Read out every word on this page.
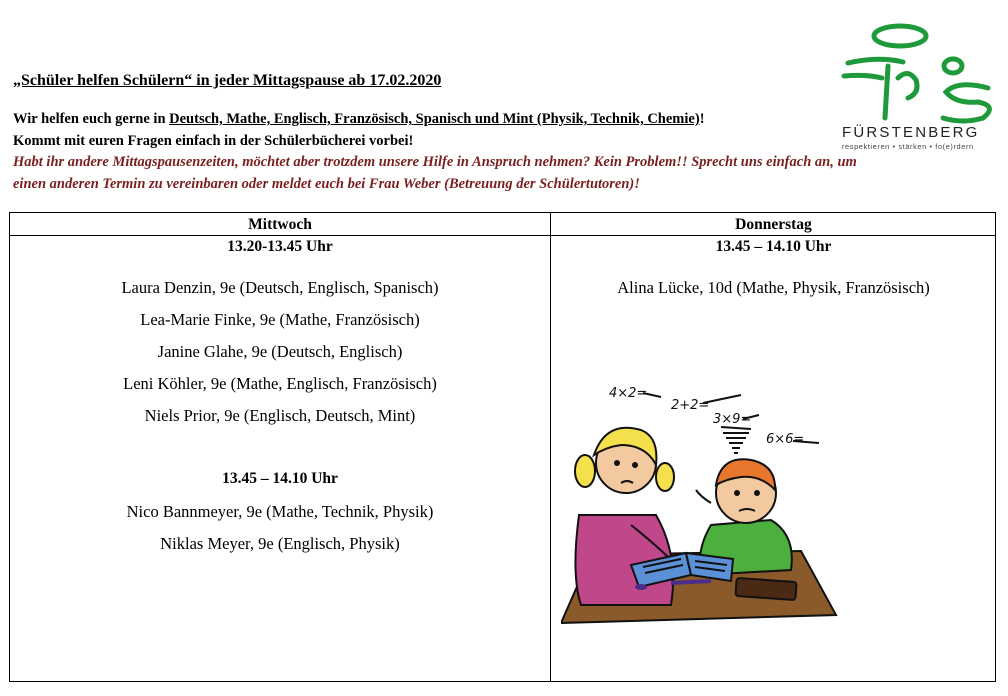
„Schüler helfen Schülern“ in jeder Mittagspause ab 17.02.2020
Wir helfen euch gerne in Deutsch, Mathe, Englisch, Französisch, Spanisch und Mint (Physik, Technik, Chemie)!
Kommt mit euren Fragen einfach in der Schülerbücherei vorbei!
Habt ihr andere Mittagspausenzeiten, möchtet aber trotzdem unsere Hilfe in Anspruch nehmen? Kein Problem!! Sprecht uns einfach an, um
einen anderen Termin zu vereinbaren oder meldet euch bei Frau Weber (Betreuung der Schülertutoren)!
FÜRSTENBERG
respektieren • stärken • fo(e)rdern
Mittwoch	Donnerstag
13.20-13.45 Uhr
Laura Denzin, 9e (Deutsch, Englisch, Spanisch)
Lea-Marie Finke, 9e (Mathe, Französisch)
Janine Glahe, 9e (Deutsch, Englisch)
Leni Köhler, 9e (Mathe, Englisch, Französisch)
Niels Prior, 9e (Englisch, Deutsch, Mint)
13.45 – 14.10 Uhr
Nico Bannmeyer, 9e (Mathe, Technik, Physik)
Niklas Meyer, 9e (Englisch, Physik)
13.45 – 14.10 Uhr
Alina Lücke, 10d (Mathe, Physik, Französisch)
4×2=
2+2=
3×9=
6×6=
